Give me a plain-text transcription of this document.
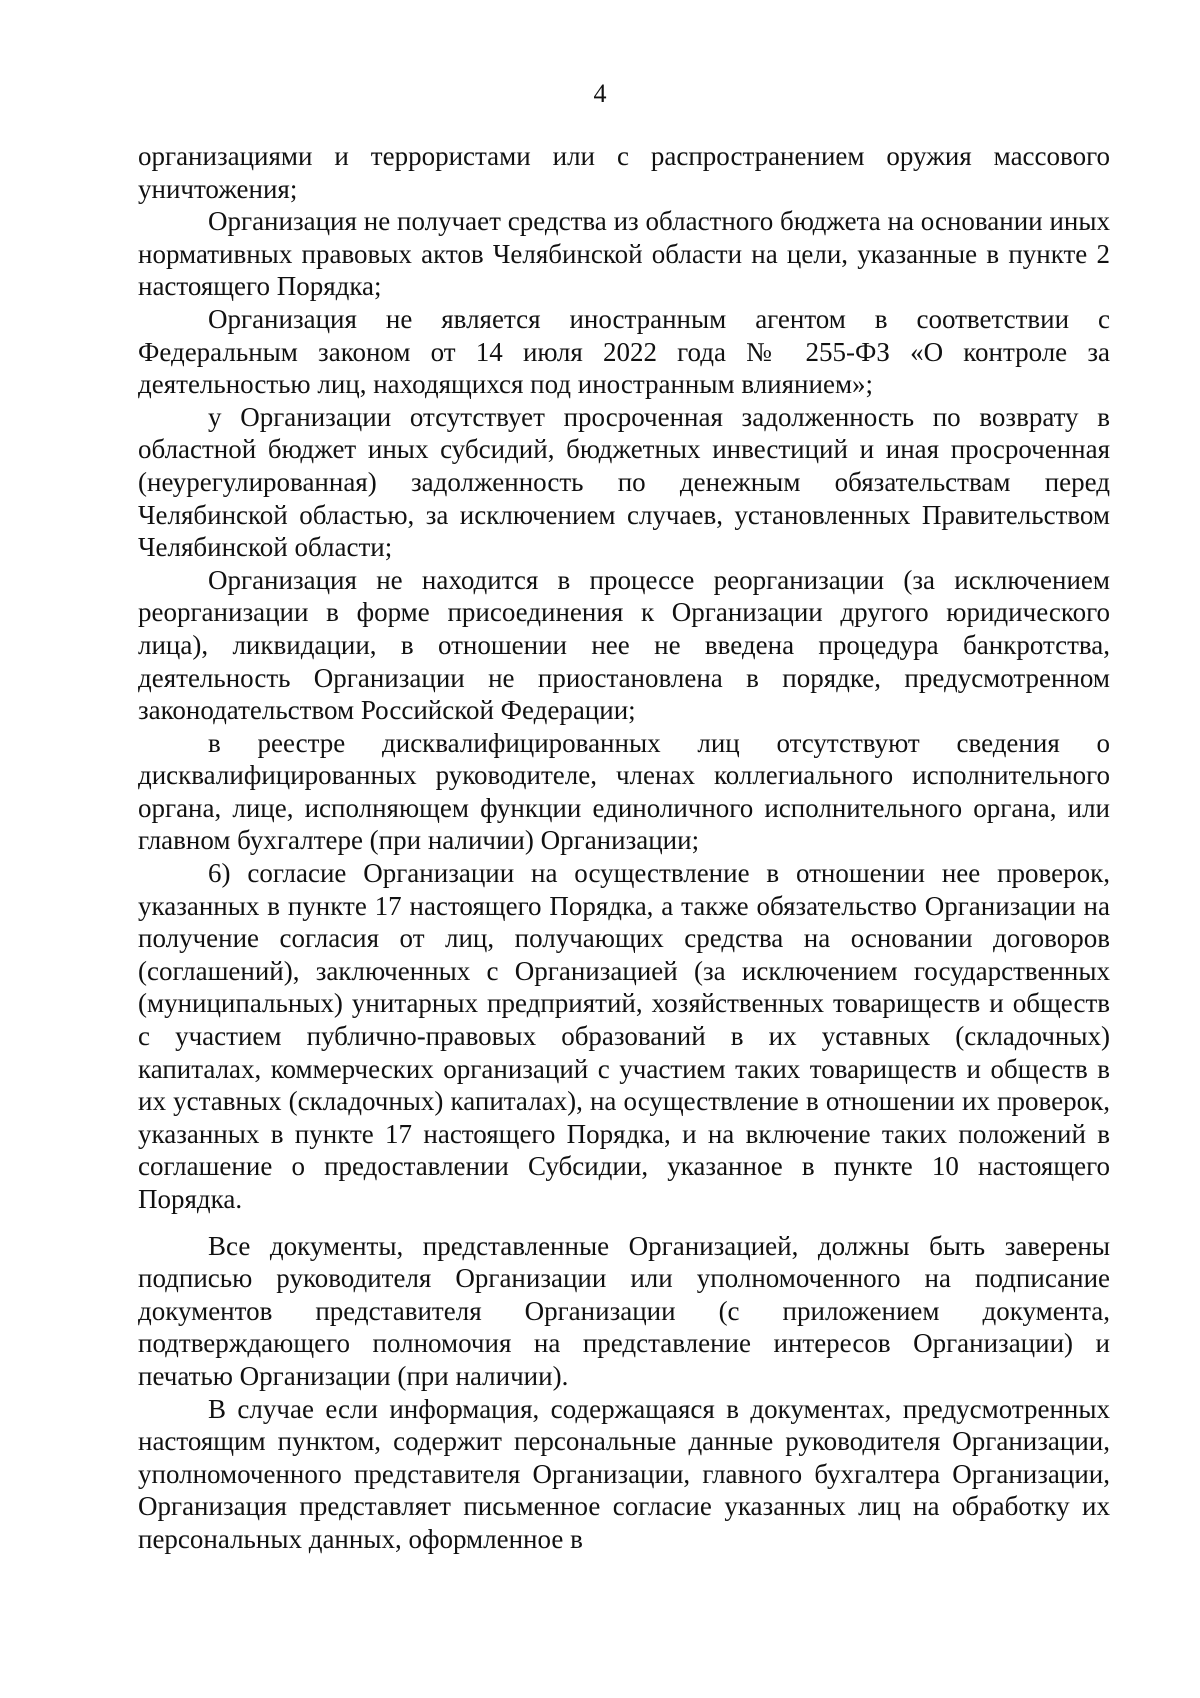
4

организациями и террористами или с распространением оружия массового уничтожения;

Организация не получает средства из областного бюджета на основании иных нормативных правовых актов Челябинской области на цели, указанные в пункте 2 настоящего Порядка;

Организация не является иностранным агентом в соответствии с Федеральным законом от 14 июля 2022 года № 255-ФЗ «О контроле за деятельностью лиц, находящихся под иностранным влиянием»;

у Организации отсутствует просроченная задолженность по возврату в областной бюджет иных субсидий, бюджетных инвестиций и иная просроченная (неурегулированная) задолженность по денежным обязательствам перед Челябинской областью, за исключением случаев, установленных Правительством Челябинской области;

Организация не находится в процессе реорганизации (за исключением реорганизации в форме присоединения к Организации другого юридического лица), ликвидации, в отношении нее не введена процедура банкротства, деятельность Организации не приостановлена в порядке, предусмотренном законодательством Российской Федерации;

в реестре дисквалифицированных лиц отсутствуют сведения о дисквалифицированных руководителе, членах коллегиального исполнительного органа, лице, исполняющем функции единоличного исполнительного органа, или главном бухгалтере (при наличии) Организации;

6) согласие Организации на осуществление в отношении нее проверок, указанных в пункте 17 настоящего Порядка, а также обязательство Организации на получение согласия от лиц, получающих средства на основании договоров (соглашений), заключенных с Организацией (за исключением государственных (муниципальных) унитарных предприятий, хозяйственных товариществ и обществ с участием публично-правовых образований в их уставных (складочных) капиталах, коммерческих организаций с участием таких товариществ и обществ в их уставных (складочных) капиталах), на осуществление в отношении их проверок, указанных в пункте 17 настоящего Порядка, и на включение таких положений в соглашение о предоставлении Субсидии, указанное в пункте 10 настоящего Порядка.

Все документы, представленные Организацией, должны быть заверены подписью руководителя Организации или уполномоченного на подписание документов представителя Организации (с приложением документа, подтверждающего полномочия на представление интересов Организации) и печатью Организации (при наличии).

В случае если информация, содержащаяся в документах, предусмотренных настоящим пунктом, содержит персональные данные руководителя Организации, уполномоченного представителя Организации, главного бухгалтера Организации, Организация представляет письменное согласие указанных лиц на обработку их персональных данных, оформленное в
